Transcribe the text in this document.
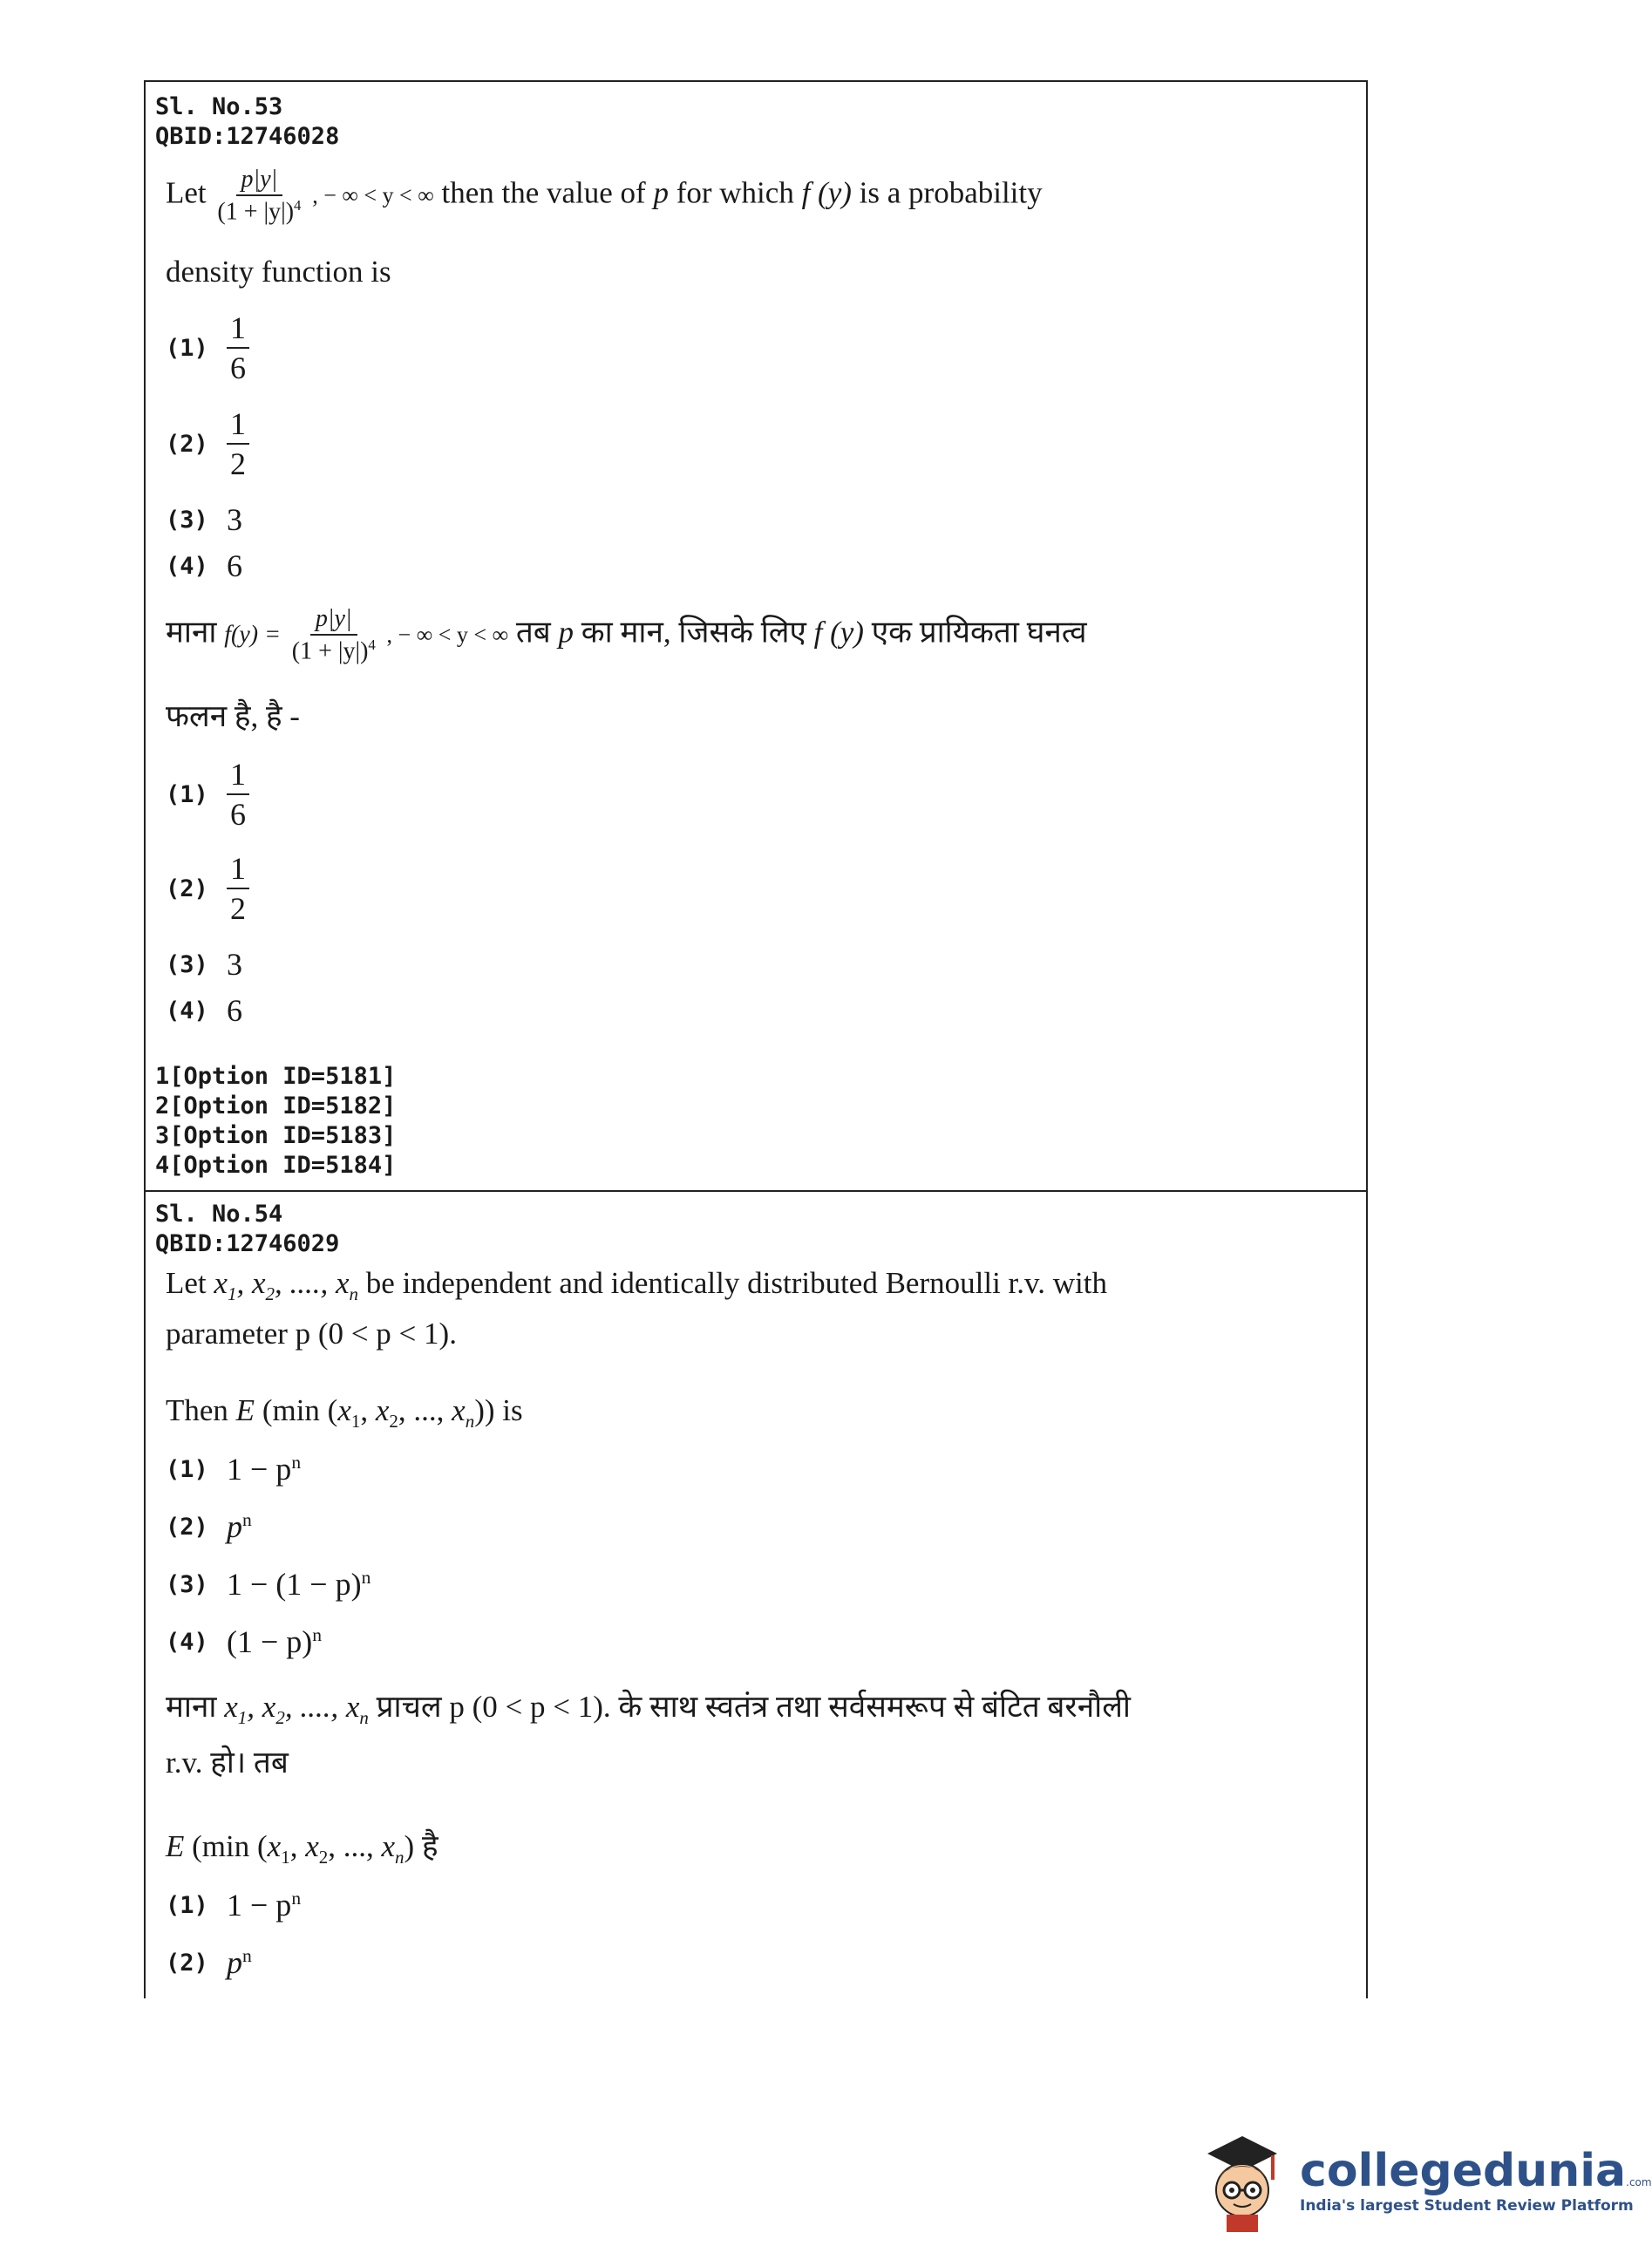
Sl. No.53
QBID:12746028
Let $\frac{p|y|}{(1 + |y|)^4}$ , − ∞ < y < ∞ then the value of p for which f (y) is a probability
density function is
$(1) \frac{1}{6}$
$(2) \frac{1}{2}$
(3) 3
(4) 6
माना $f(y) = \frac{p|y|}{(1 + |y|)^4}$ , − ∞ < y < ∞ तब p का मान, जिसके लिए f (y) एक प्रायिकता घनत्व
फलन है, है -
$(1) \frac{1}{6}$
$(2) \frac{1}{2}$
(3) 3
(4) 6
1[Option ID=5181]
2[Option ID=5182]
3[Option ID=5183]
4[Option ID=5184]
Sl. No.54
QBID:12746029
Let $x_1$, $x_2$, ...., $x_n$ be independent and identically distributed Bernoulli r.v. with
parameter p (0 < p < 1).
Then E (min ($x_1$, $x_2$, ..., $x_n$)) is
(1) $1 - p^n$
(2) $p^n$
(3) $1 - (1 - p)^n$
(4) $(1 - p)^n$
माना $x_1$, $x_2$, ...., $x_n$ प्राचल p (0 < p < 1). के साथ स्वतंत्र तथा सर्वसमरूप से बंटित बरनौली
r.v. हो। तब
E (min ($x_1$, $x_2$, ..., $x_n$) है
(1) $1 - p^n$
(2) $p^n$
collegedunia.com
India's largest Student Review Platform
